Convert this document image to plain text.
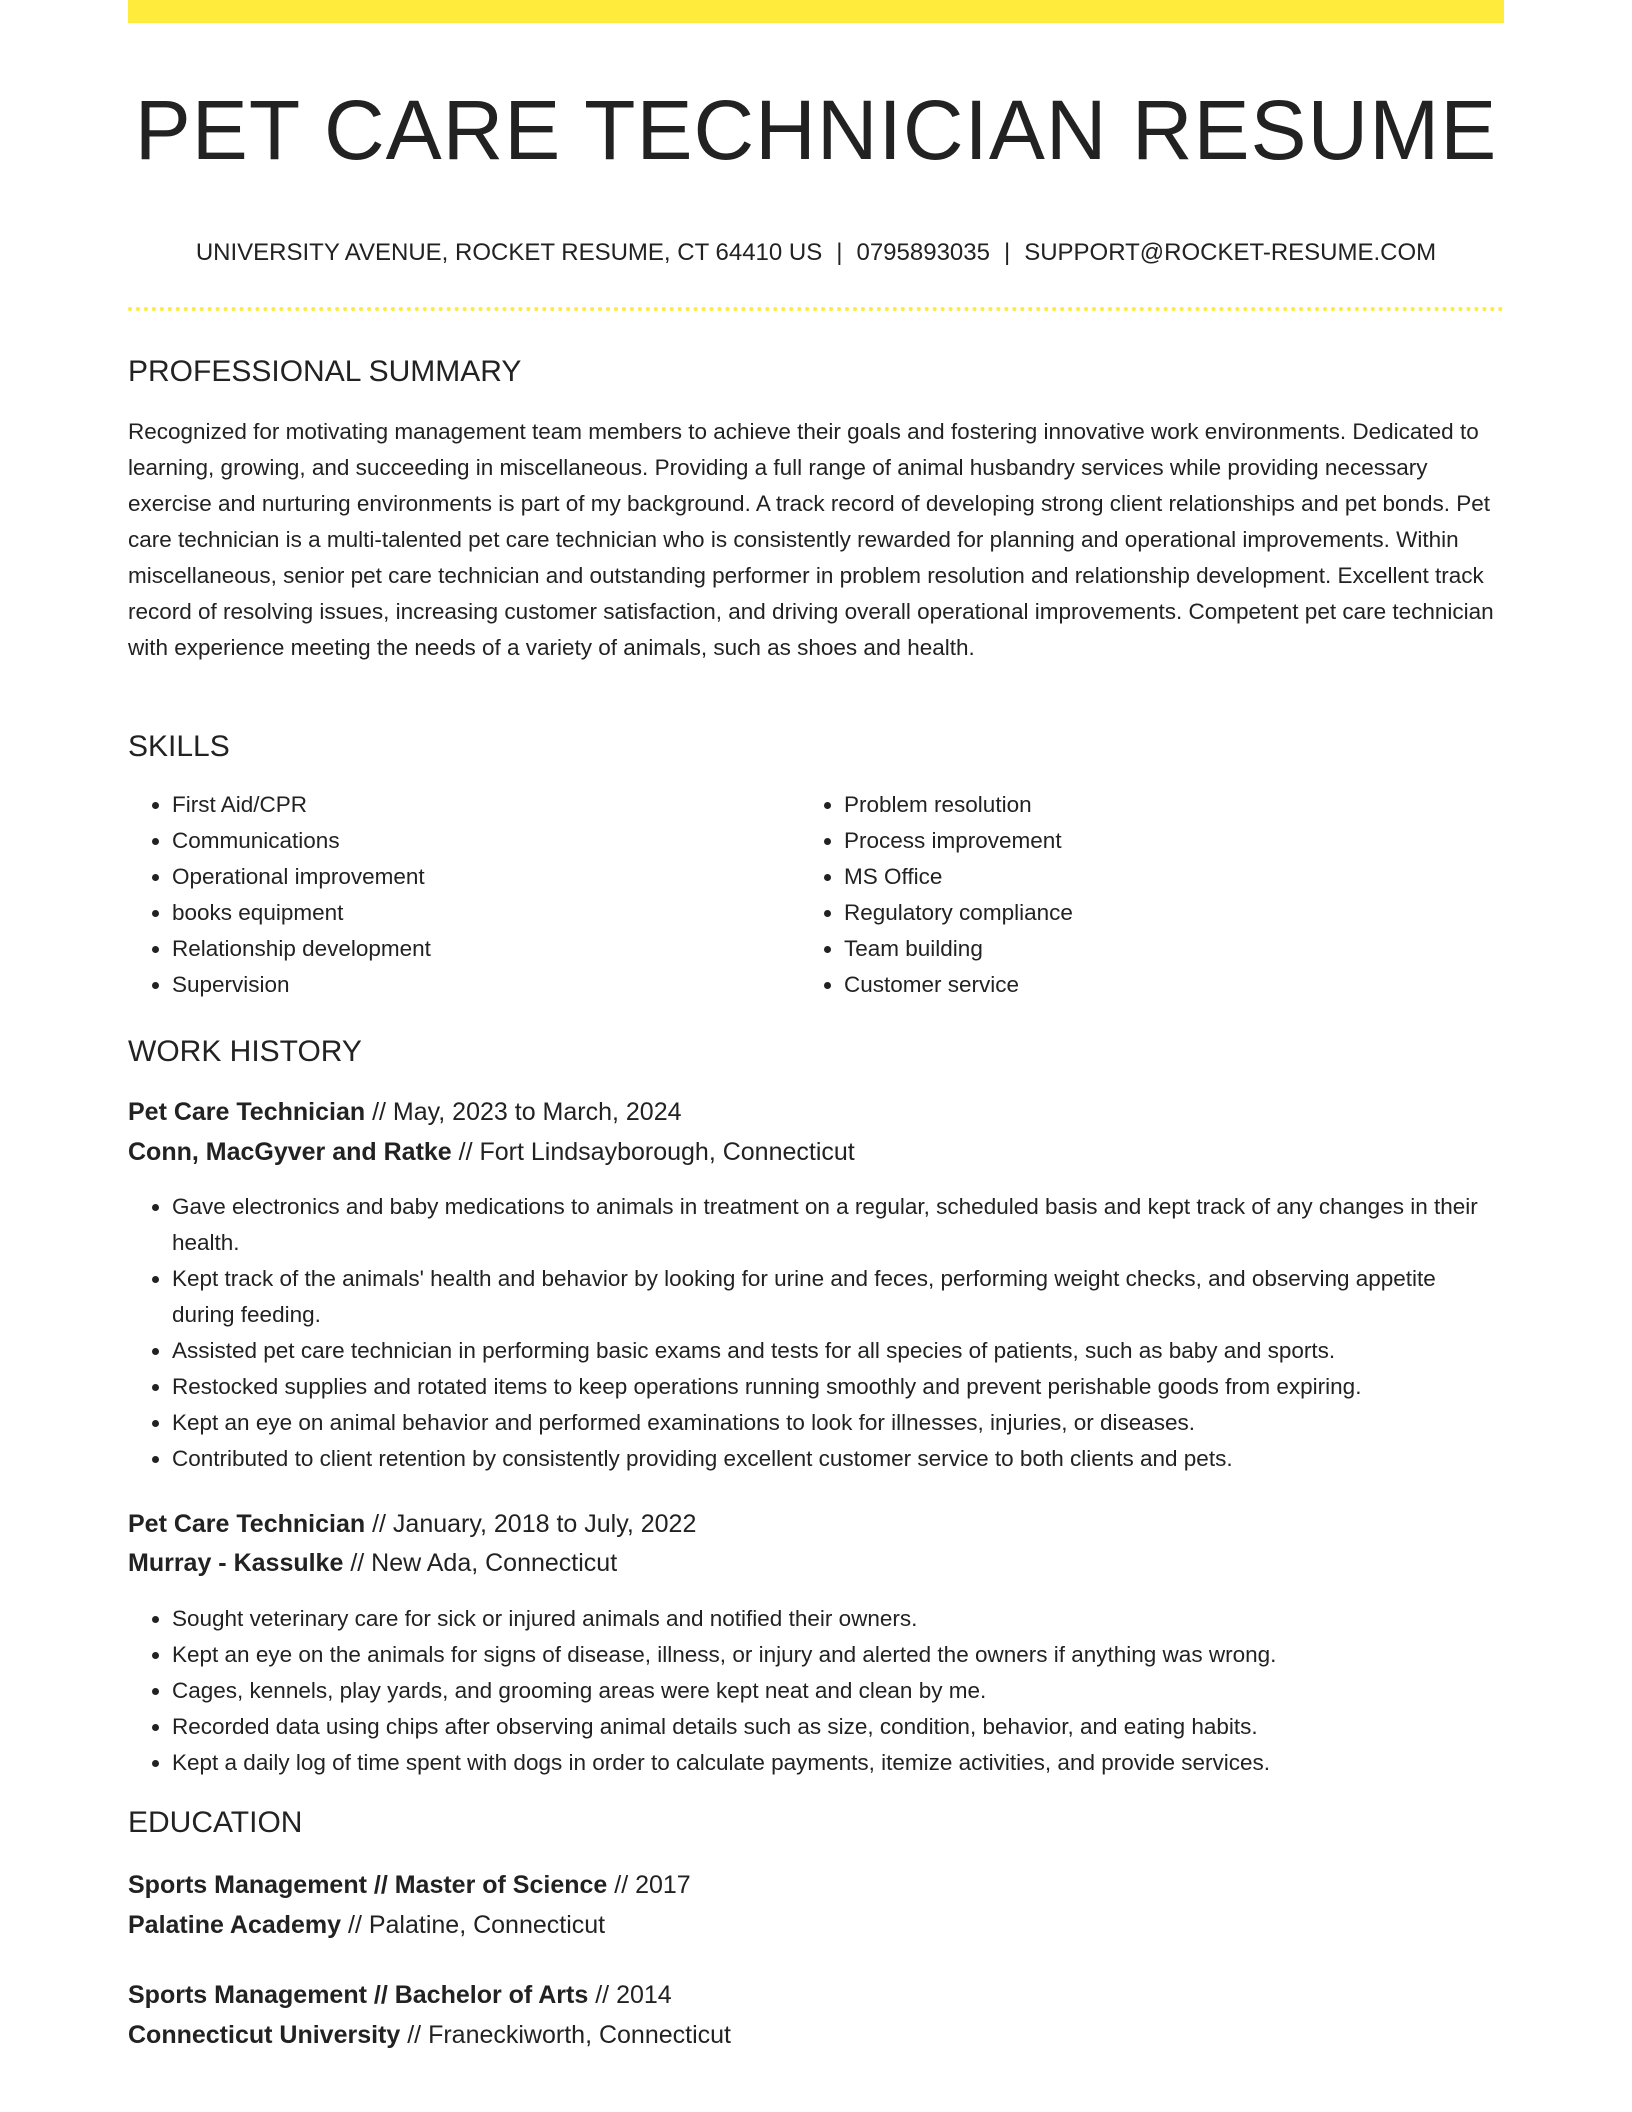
PET CARE TECHNICIAN RESUME
UNIVERSITY AVENUE, ROCKET RESUME, CT 64410 US | 0795893035 | SUPPORT@ROCKET-RESUME.COM
PROFESSIONAL SUMMARY

Recognized for motivating management team members to achieve their goals and fostering innovative work environments. Dedicated to learning, growing, and succeeding in miscellaneous. Providing a full range of animal husbandry services while providing necessary exercise and nurturing environments is part of my background. A track record of developing strong client relationships and pet bonds. Pet care technician is a multi-talented pet care technician who is consistently rewarded for planning and operational improvements. Within miscellaneous, senior pet care technician and outstanding performer in problem resolution and relationship development. Excellent track record of resolving issues, increasing customer satisfaction, and driving overall operational improvements. Competent pet care technician with experience meeting the needs of a variety of animals, such as shoes and health.

SKILLS
• First Aid/CPR
• Communications
• Operational improvement
• books equipment
• Relationship development
• Supervision
• Problem resolution
• Process improvement
• MS Office
• Regulatory compliance
• Team building
• Customer service
WORK HISTORY
Pet Care Technician // May, 2023 to March, 2024
Conn, MacGyver and Ratke // Fort Lindsayborough, Connecticut
• Gave electronics and baby medications to animals in treatment on a regular, scheduled basis and kept track of any changes in their health.
• Kept track of the animals' health and behavior by looking for urine and feces, performing weight checks, and observing appetite during feeding.
• Assisted pet care technician in performing basic exams and tests for all species of patients, such as baby and sports.
• Restocked supplies and rotated items to keep operations running smoothly and prevent perishable goods from expiring.
• Kept an eye on animal behavior and performed examinations to look for illnesses, injuries, or diseases.
• Contributed to client retention by consistently providing excellent customer service to both clients and pets.
Pet Care Technician // January, 2018 to July, 2022
Murray - Kassulke // New Ada, Connecticut
• Sought veterinary care for sick or injured animals and notified their owners.
• Kept an eye on the animals for signs of disease, illness, or injury and alerted the owners if anything was wrong.
• Cages, kennels, play yards, and grooming areas were kept neat and clean by me.
• Recorded data using chips after observing animal details such as size, condition, behavior, and eating habits.
• Kept a daily log of time spent with dogs in order to calculate payments, itemize activities, and provide services.
EDUCATION
Sports Management // Master of Science // 2017
Palatine Academy // Palatine, Connecticut
Sports Management // Bachelor of Arts // 2014
Connecticut University // Franeckiworth, Connecticut
